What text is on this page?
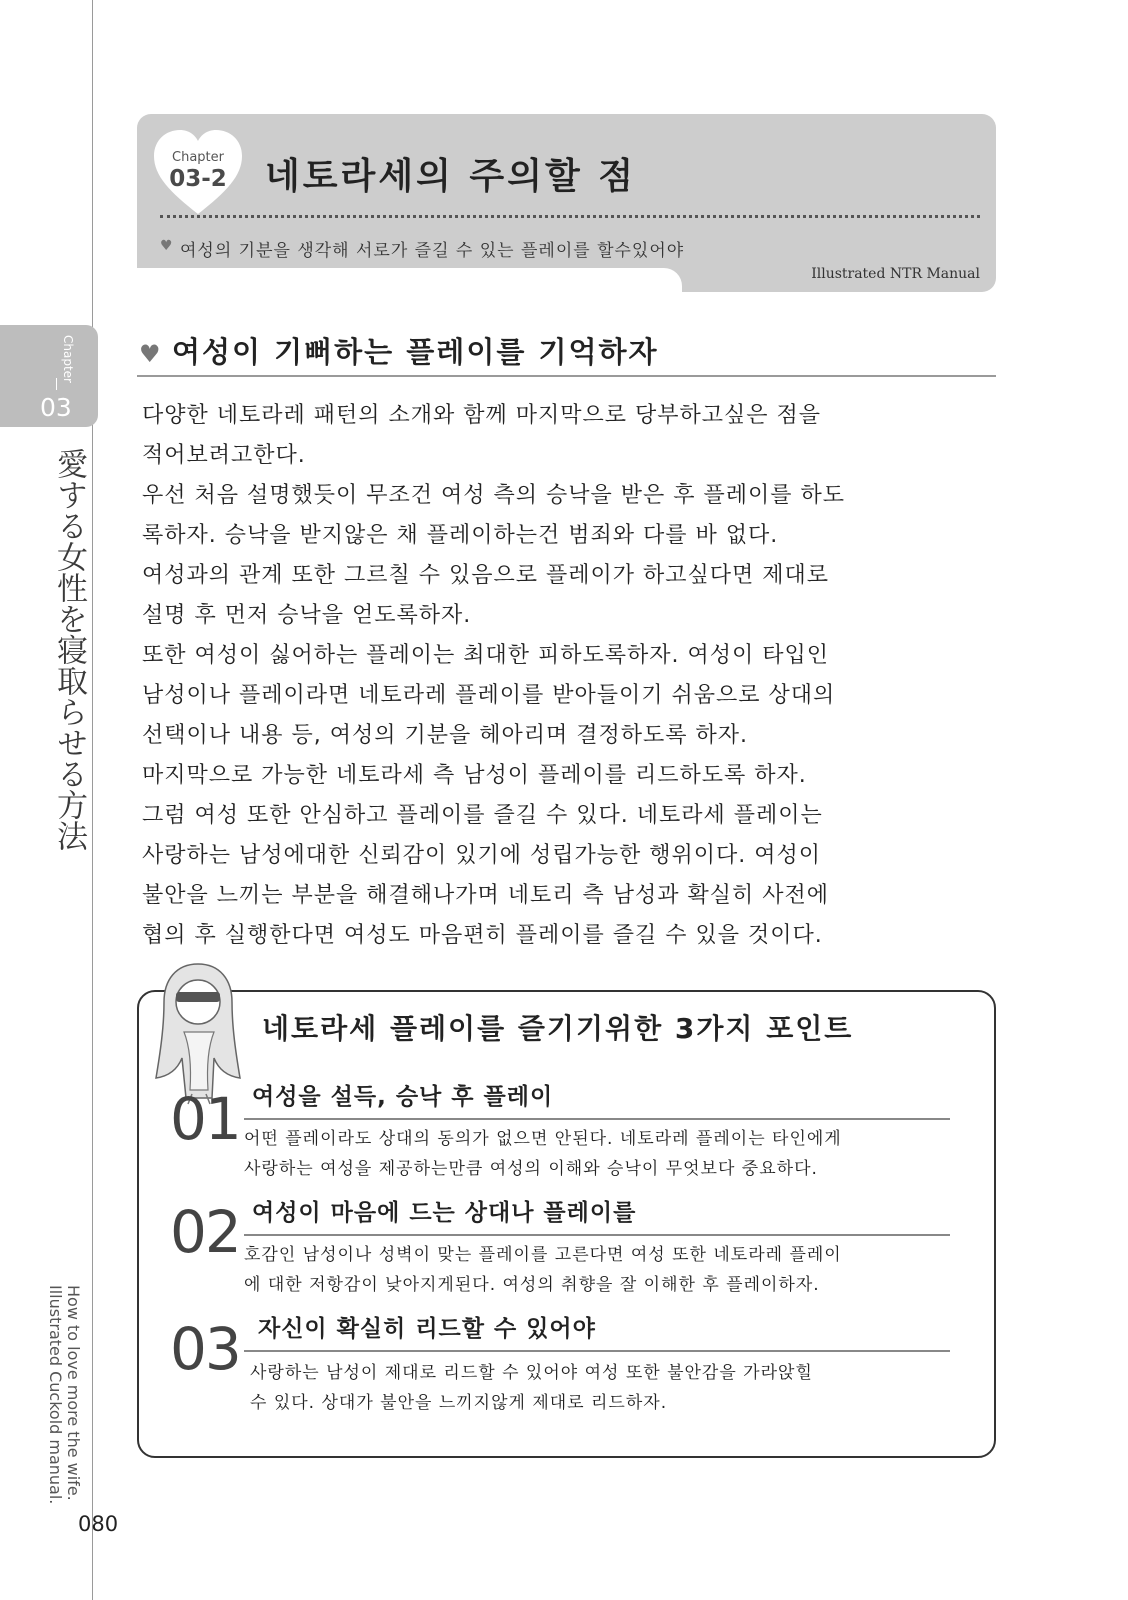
Chapter
03
愛する女性を寝取らせる方法
How to love more the wife.
Illustrated Cuckold manual.
080
Chapter
03-2	네토라세의 주의할 점
♥ 여성의 기분을 생각해 서로가 즐길 수 있는 플레이를 할수있어야
Illustrated NTR Manual
♥ 여성이 기뻐하는 플레이를 기억하자

다양한 네토라레 패턴의 소개와 함께 마지막으로 당부하고싶은 점을

적어보려고한다.

우선 처음 설명했듯이 무조건 여성 측의 승낙을 받은 후 플레이를 하도

록하자. 승낙을 받지않은 채 플레이하는건 범죄와 다를 바 없다.

여성과의 관계 또한 그르칠 수 있음으로 플레이가 하고싶다면 제대로

설명 후 먼저 승낙을 얻도록하자.

또한 여성이 싫어하는 플레이는 최대한 피하도록하자. 여성이 타입인

남성이나 플레이라면 네토라레 플레이를 받아들이기 쉬움으로 상대의

선택이나 내용 등, 여성의 기분을 헤아리며 결정하도록 하자.

마지막으로 가능한 네토라세 측 남성이 플레이를 리드하도록 하자.

그럼 여성 또한 안심하고 플레이를 즐길 수 있다. 네토라세 플레이는

사랑하는 남성에대한 신뢰감이 있기에 성립가능한 행위이다. 여성이

불안을 느끼는 부분을 해결해나가며 네토리 측 남성과 확실히 사전에

협의 후 실행한다면 여성도 마음편히 플레이를 즐길 수 있을 것이다.

네토라세 플레이를 즐기기위한 3가지 포인트
01 여성을 설득, 승낙 후 플레이
어떤 플레이라도 상대의 동의가 없으면 안된다. 네토라레 플레이는 타인에게
사랑하는 여성을 제공하는만큼 여성의 이해와 승낙이 무엇보다 중요하다.
02 여성이 마음에 드는 상대나 플레이를
호감인 남성이나 성벽이 맞는 플레이를 고른다면 여성 또한 네토라레 플레이
에 대한 저항감이 낮아지게된다. 여성의 취향을 잘 이해한 후 플레이하자.
03 자신이 확실히 리드할 수 있어야
사랑하는 남성이 제대로 리드할 수 있어야 여성 또한 불안감을 가라앉힐
수 있다. 상대가 불안을 느끼지않게 제대로 리드하자.
